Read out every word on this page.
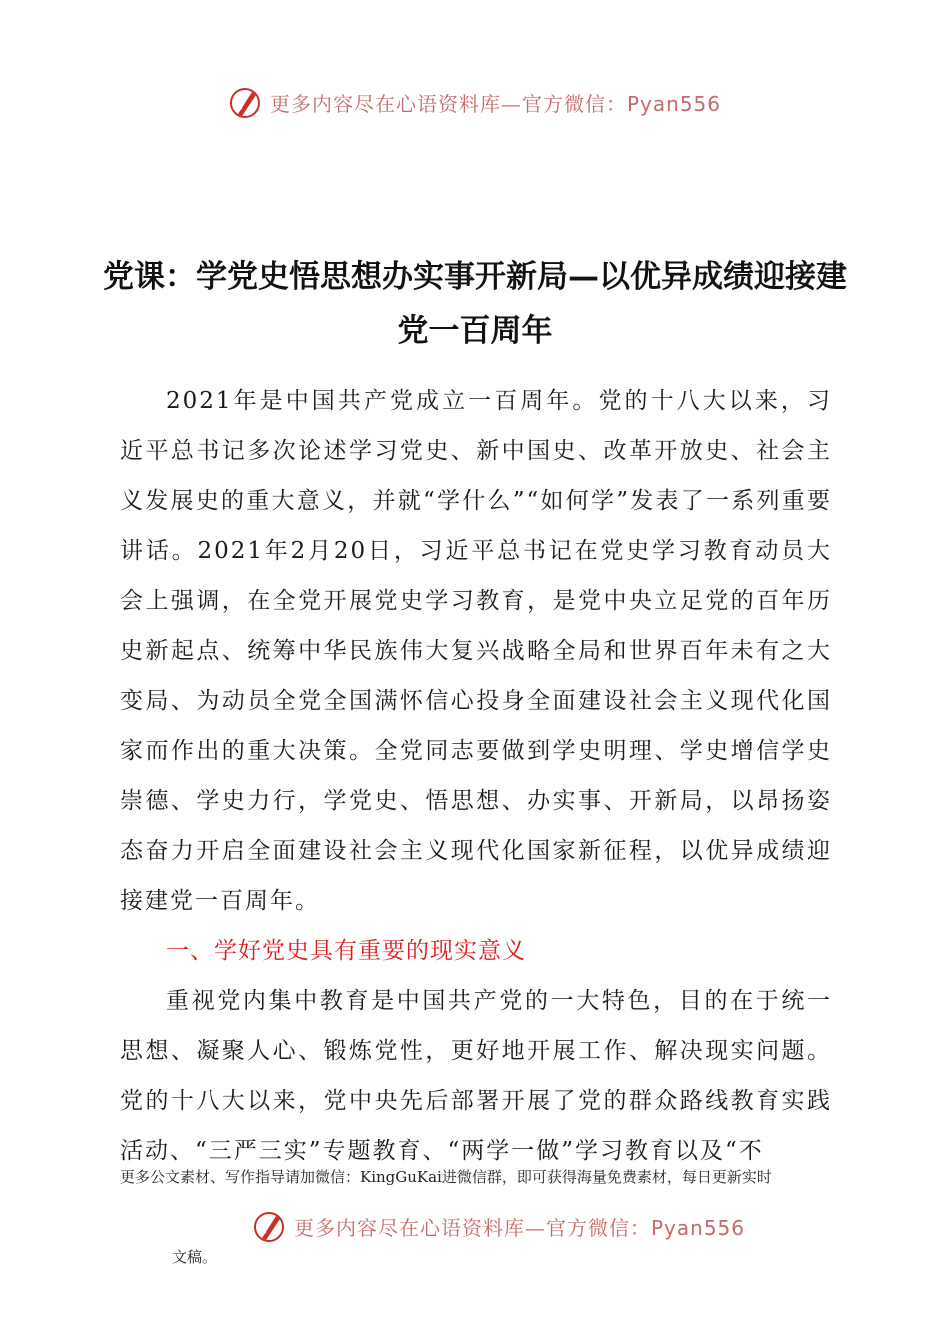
更多内容尽在心语资料库—官方微信：Pyan556
党课：学党史悟思想办实事开新局—以优异成绩迎接建党一百周年

2021年是中国共产党成立一百周年。党的十八大以来，习近平总书记多次论述学习党史、新中国史、改革开放史、社会主义发展史的重大意义，并就“学什么”“如何学”发表了一系列重要讲话。2021年2月20日，习近平总书记在党史学习教育动员大会上强调，在全党开展党史学习教育，是党中央立足党的百年历史新起点、统筹中华民族伟大复兴战略全局和世界百年未有之大变局、为动员全党全国满怀信心投身全面建设社会主义现代化国家而作出的重大决策。全党同志要做到学史明理、学史增信学史崇德、学史力行，学党史、悟思想、办实事、开新局，以昂扬姿态奋力开启全面建设社会主义现代化国家新征程，以优异成绩迎接建党一百周年。

一、学好党史具有重要的现实意义

重视党内集中教育是中国共产党的一大特色，目的在于统一思想、凝聚人心、锻炼党性，更好地开展工作、解决现实问题。党的十八大以来，党中央先后部署开展了党的群众路线教育实践活动、“三严三实”专题教育、“两学一做”学习教育以及“不

更多公文素材、写作指导请加微信：KingGuKai进微信群，即可获得海量免费素材，每日更新实时
更多内容尽在心语资料库—官方微信：Pyan556
文稿。
